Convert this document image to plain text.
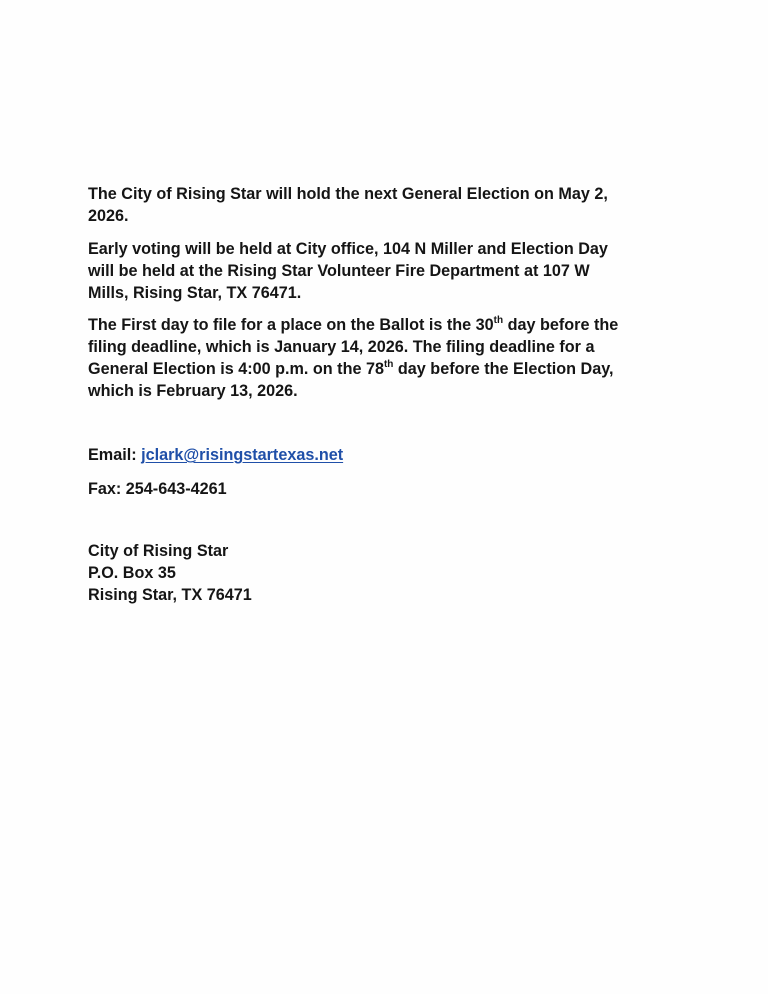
The City of Rising Star will hold the next General Election on May 2,
2026.
Early voting will be held at City office, 104 N Miller and Election Day
will be held at the Rising Star Volunteer Fire Department at 107 W
Mills, Rising Star, TX 76471.
The First day to file for a place on the Ballot is the 30th day before the
filing deadline, which is January 14, 2026. The filing deadline for a
General Election is 4:00 p.m. on the 78th day before the Election Day,
which is February 13, 2026.
Email: jclark@risingstartexas.net
Fax: 254-643-4261
City of Rising Star
P.O. Box 35
Rising Star, TX 76471
